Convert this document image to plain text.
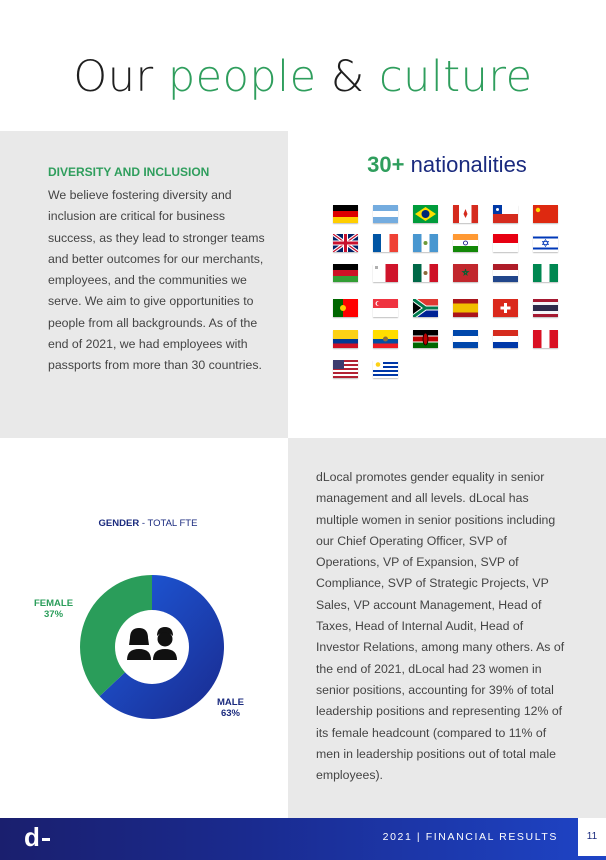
Our people & culture
DIVERSITY AND INCLUSION
We believe fostering diversity and inclusion are critical for business success, as they lead to stronger teams and better outcomes for our merchants, employees, and the communities we serve. We aim to give opportunities to people from all backgrounds. As of the end of 2021, we had employees with passports from more than 30 countries.
30+ nationalities
GENDER - TOTAL FTE
FEMALE
37%
MALE
63%
dLocal promotes gender equality in senior management and all levels. dLocal has multiple women in senior positions including our Chief Operating Officer, SVP of Operations, VP of Expansion, SVP of Compliance, SVP of Strategic Projects, VP Sales, VP account Management, Head of Taxes, Head of Internal Audit, Head of Investor Relations, among many others. As of the end of 2021, dLocal had 23 women in senior positions, accounting for 39% of total leadership positions and representing 12% of its female headcount (compared to 11% of men in leadership positions out of total male employees).
d	2021 | FINANCIAL RESULTS	11
